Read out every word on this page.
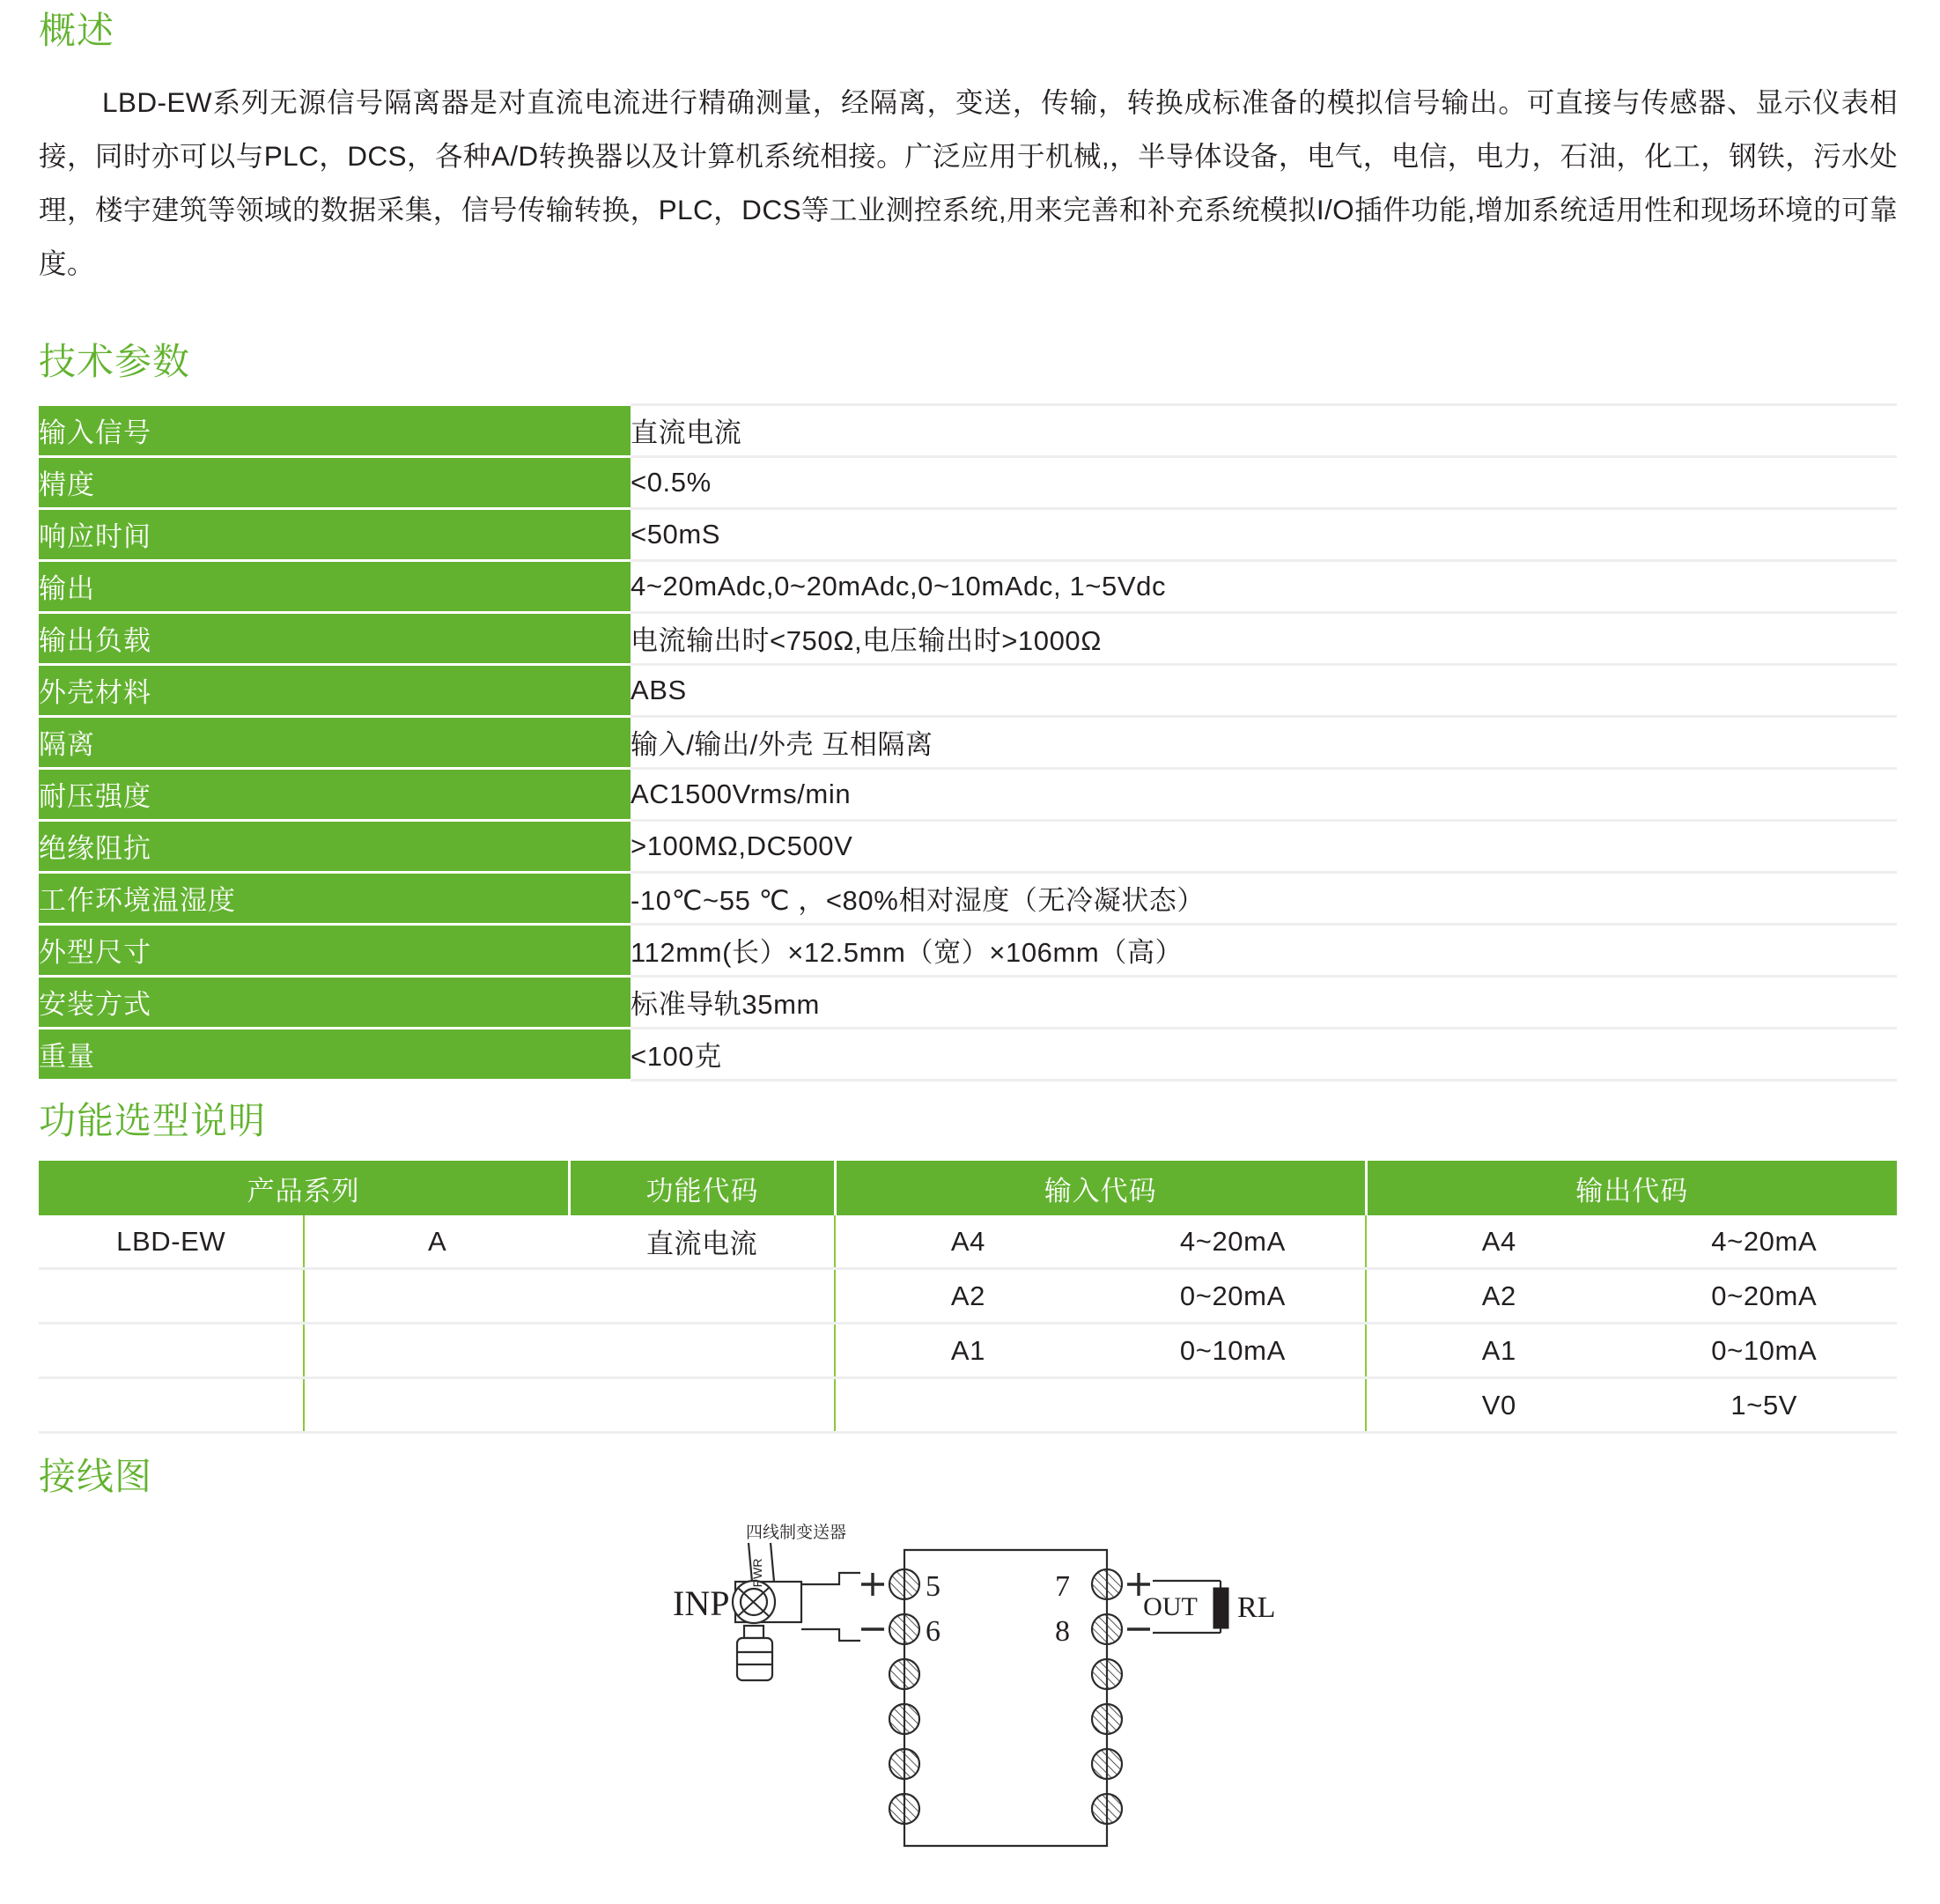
概述

LBD-EW系列无源信号隔离器是对直流电流进行精确测量，经隔离，变送，传输，转换成标准备的模拟信号输出。可直接与传感器、显示仪表相接，同时亦可以与PLC，DCS，各种A/D转换器以及计算机系统相接。广泛应用于机械,，半导体设备，电气，电信，电力，石油，化工，钢铁，污水处理，楼宇建筑等领域的数据采集，信号传输转换，PLC，DCS等工业测控系统,用来完善和补充系统模拟I/O插件功能,增加系统适用性和现场环境的可靠度。

技术参数
输入信号	直流电流
精度	<0.5%
响应时间	<50mS
输出	4~20mAdc,0~20mAdc,0~10mAdc, 1~5Vdc
输出负载	电流输出时<750Ω,电压输出时>1000Ω
外壳材料	ABS
隔离	输入/输出/外壳 互相隔离
耐压强度	AC1500Vrms/min
绝缘阻抗	>100MΩ,DC500V
工作环境温湿度	-10℃~55 ℃ ，<80%相对湿度（无冷凝状态）
外型尺寸	112mm(长）×12.5mm（宽）×106mm（高）
安装方式	标准导轨35mm
重量	<100克
功能选型说明
产品系列		功能代码	输入代码		输出代码	
LBD-EW	A	直流电流	A4	4~20mA	A4	4~20mA
			A2	0~20mA	A2	0~20mA
			A1	0~10mA	A1	0~10mA
					V0	1~5V
接线图
5
6
7
8
PWR
四线制变送器
INP	OUT RL
